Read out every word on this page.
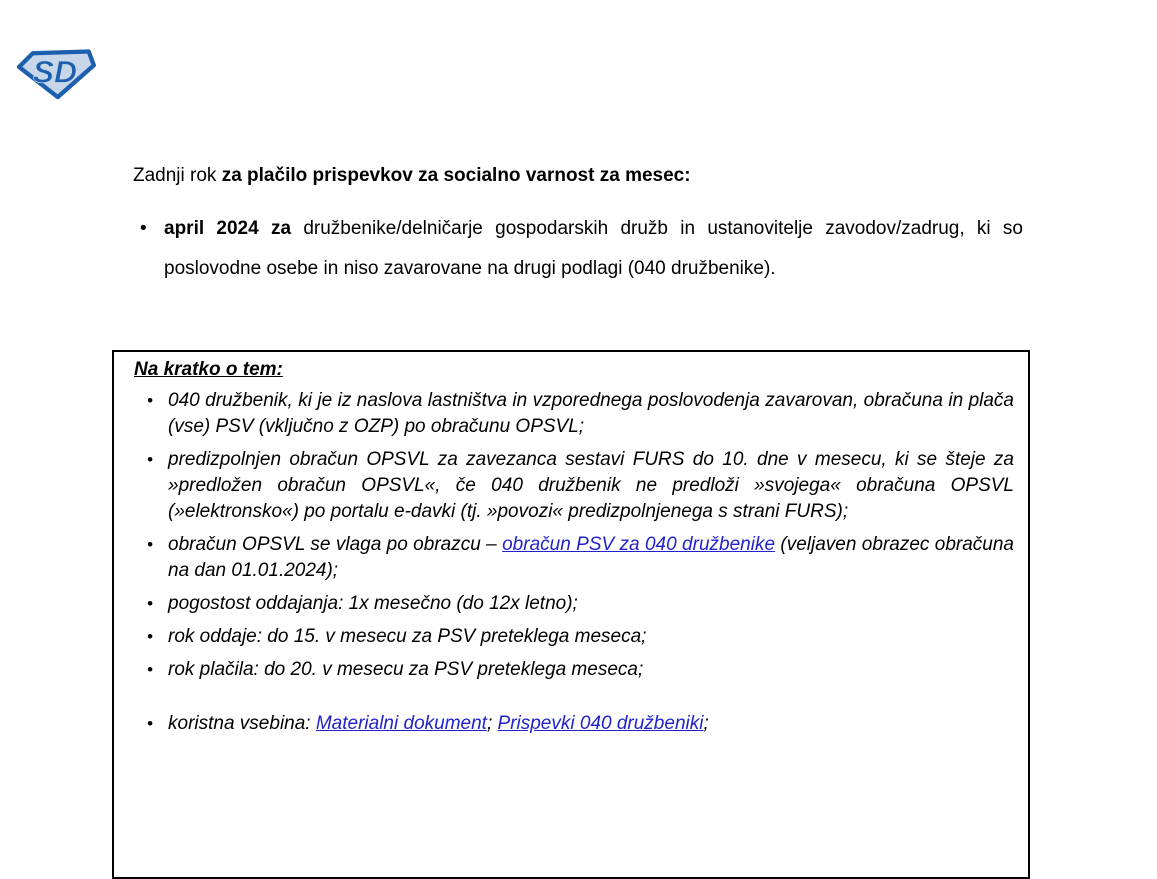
SD

Zadnji rok za plačilo prispevkov za socialno varnost za mesec:

• april 2024 za družbenike/delničarje gospodarskih družb in ustanovitelje zavodov/zadrug, ki so poslovodne osebe in niso zavarovane na drugi podlagi (040 družbenike).

Na kratko o tem:

• 040 družbenik, ki je iz naslova lastništva in vzporednega poslovodenja zavarovan, obračuna in plača (vse) PSV (vključno z OZP) po obračunu OPSVL;
• predizpolnjen obračun OPSVL za zavezanca sestavi FURS do 10. dne v mesecu, ki se šteje za »predložen obračun OPSVL«, če 040 družbenik ne predloži »svojega« obračuna OPSVL (»elektronsko«) po portalu e-davki (tj. »povozi« predizpolnjenega s strani FURS);
• obračun OPSVL se vlaga po obrazcu – obračun PSV za 040 družbenike (veljaven obrazec obračuna na dan 01.01.2024);
• pogostost oddajanja: 1x mesečno (do 12x letno);
• rok oddaje: do 15. v mesecu za PSV preteklega meseca;
• rok plačila: do 20. v mesecu za PSV preteklega meseca;
• koristna vsebina: Materialni dokument; Prispevki 040 družbeniki;
